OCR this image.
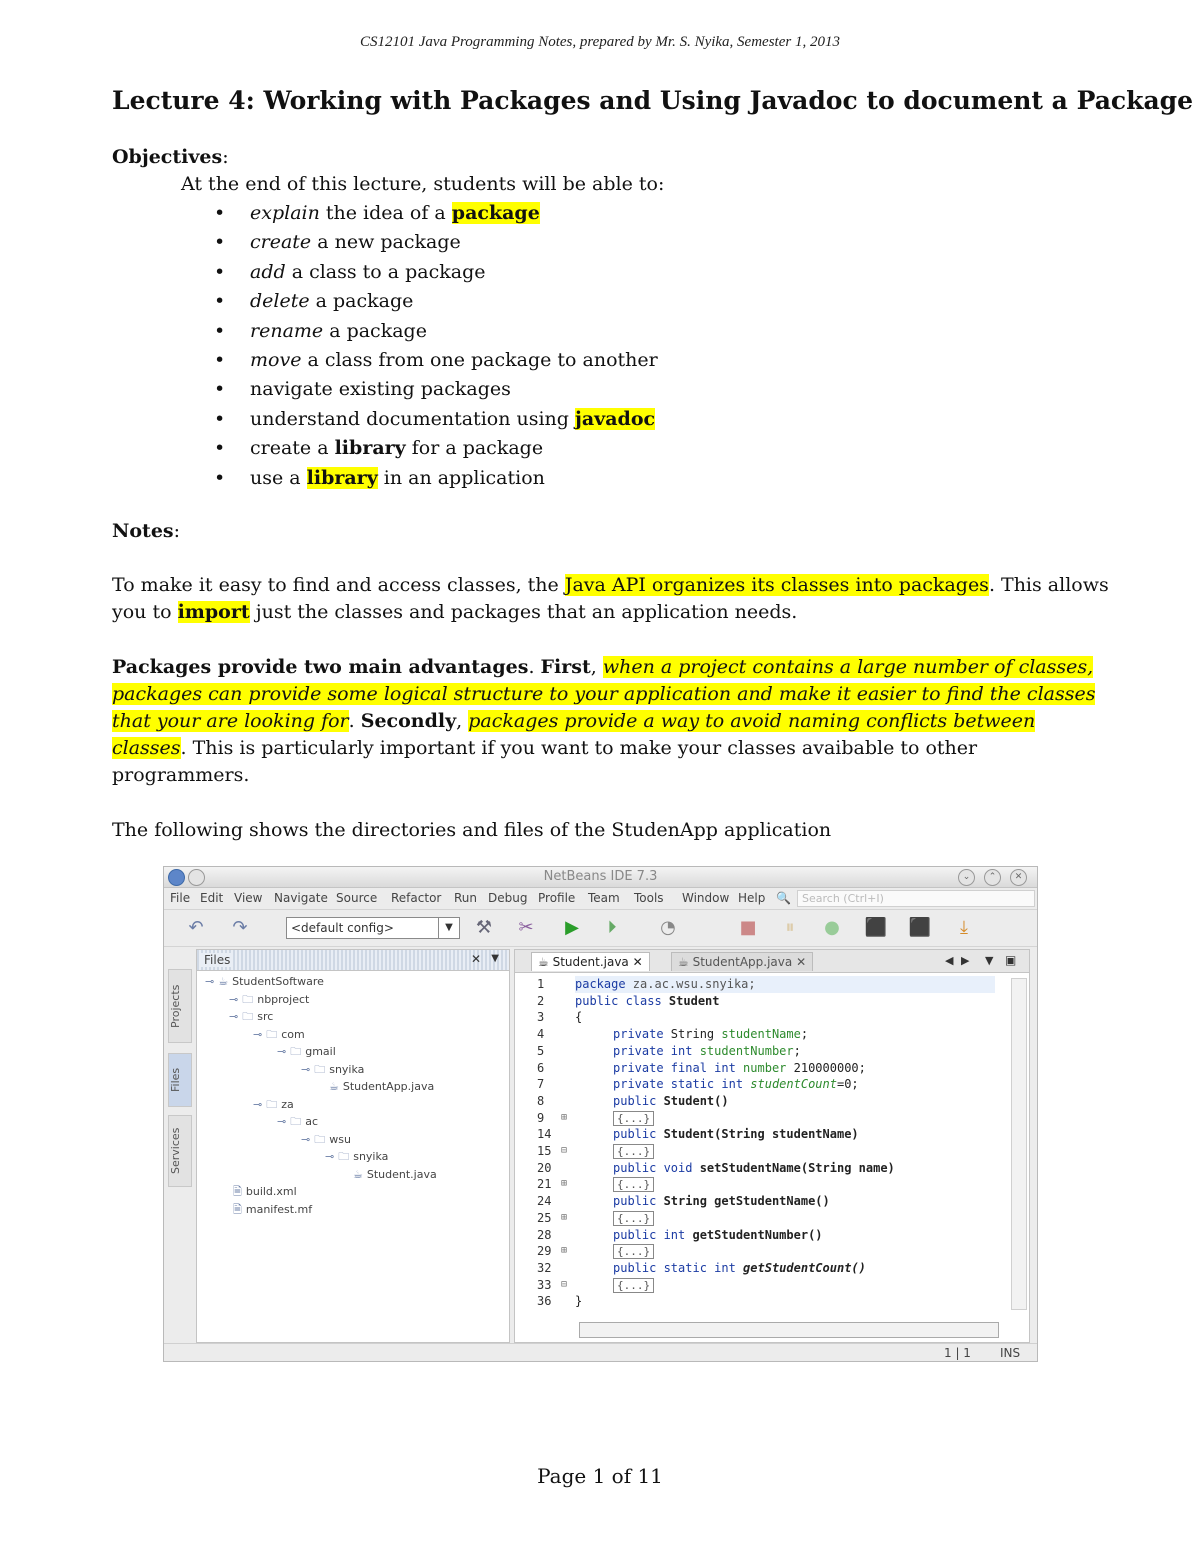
CS12101 Java Programming Notes, prepared by Mr. S. Nyika, Semester 1, 2013
Lecture 4: Working with Packages and Using Javadoc to document a Package
Objectives:
At the end of this lecture, students will be able to:
• explain the idea of a package
• create a new package
• add a class to a package
• delete a package
• rename a package
• move a class from one package to another
• navigate existing packages
• understand documentation using javadoc
• create a library for a package
• use a library in an application
Notes:
To make it easy to find and access classes, the Java API organizes its classes into packages. This allows
you to import just the classes and packages that an application needs.
Packages provide two main advantages. First, when a project contains a large number of classes,
packages can provide some logical structure to your application and make it easier to find the classes
that your are looking for. Secondly, packages provide a way to avoid naming conflicts between
classes. This is particularly important if you want to make your classes avaibable to other
programmers.
The following shows the directories and files of the StudenApp application
NetBeans IDE 7.3	⌄	⌃	✕
File Edit View Navigate Source Refactor Run Debug Profile Team Tools Window Help 🔍	Search (Ctrl+I)
↶ ↷	<default config>	▼	⚒ ✂ ▶	⏵	◔	■	⏸	● ⬛ ⬛	⤓
Projects
Files
Services
Files	✕ ▼
⊸ ☕ StudentSoftware
⊸ 🗀 nbproject
⊸ 🗀 src
⊸ 🗀 com
⊸ 🗀 gmail
⊸ 🗀 snyika
☕ StudentApp.java
⊸ 🗀 za
⊸ 🗀 ac
⊸ 🗀 wsu
⊸ 🗀 snyika
☕ Student.java
🗎 build.xml
🗎 manifest.mf
☕ Student.java ✕	☕ StudentApp.java ✕	◀ ▶ ▼ ▣
1
2
3
4
5
6
7
8
9 ⊞
14
15 ⊟
20
21 ⊞
24
25 ⊞
28
29 ⊞
32
33 ⊟
36
package za.ac.wsu.snyika;
public class Student
{
private String studentName;
private int studentNumber;
private final int number 210000000;
private static int studentCount=0;
public Student()
{...}
public Student(String studentName)
{...}
public void setStudentName(String name)
{...}
public String getStudentName()
{...}
public int getStudentNumber()
{...}
public static int getStudentCount()
{...}
}
1 | 1 INS
Page 1 of 11
